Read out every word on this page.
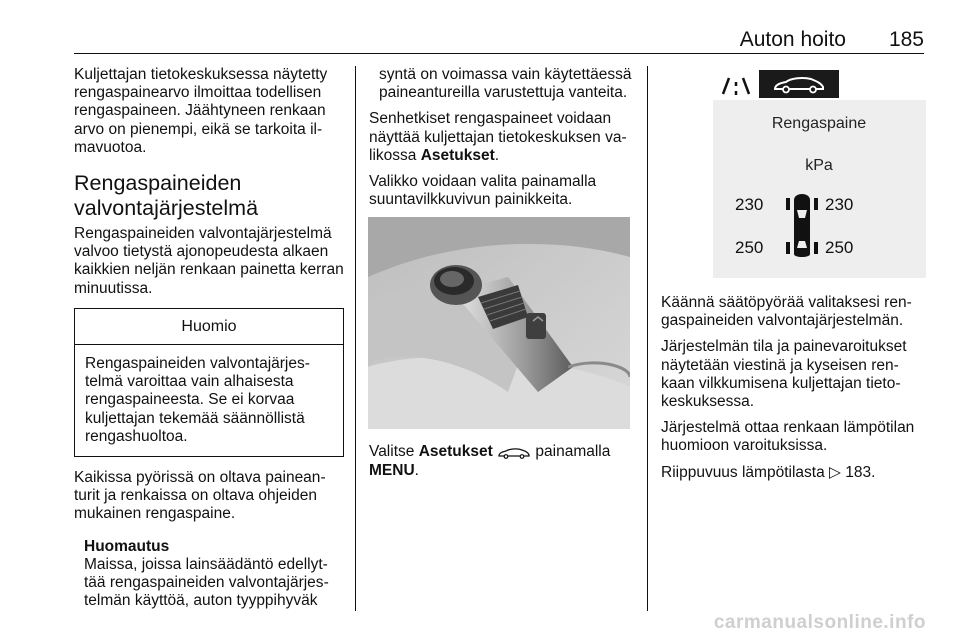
Auton hoito 185

Kuljettajan tietokeskuksessa näytetty rengaspainearvo ilmoittaa todellisen rengaspaineen. Jäähtyneen renkaan arvo on pienempi, eikä se tarkoita ilmavuotoa.

Rengaspaineiden
valvontajärjestelmä

Rengaspaineiden valvontajärjestelmä valvoo tietystä ajonopeudesta alkaen kaikkien neljän renkaan painetta kerran minuutissa.

Huomio
Rengaspaineiden valvontajärjestelmä varoittaa vain alhaisesta rengaspaineesta. Se ei korvaa kuljettajan tekemää säännöllistä rengashuoltoa.

Kaikissa pyörissä on oltava paineanturit ja renkaissa on oltava ohjeiden mukainen rengaspaine.

Huomautus
Maissa, joissa lainsäädäntö edellyttää rengaspaineiden valvontajärjestelmän käyttöä, auton tyyppihyväk

syntä on voimassa vain käytettäessä paineantureilla varustettuja vanteita.

Senhetkiset rengaspaineet voidaan näyttää kuljettajan tietokeskuksen valikossa Asetukset.

Valikko voidaan valita painamalla suuntavilkkuvivun painikkeita.

Valitse Asetukset  painamalla
MENU.

Rengaspaine
kPa
230	230
250	250

Käännä säätöpyörää valitaksesi rengaspaineiden valvontajärjestelmän.

Järjestelmän tila ja painevaroitukset näytetään viestinä ja kyseisen renkaan vilkkumisena kuljettajan tietokeskuksessa.

Järjestelmä ottaa renkaan lämpötilan huomioon varoituksissa.

Riippuvuus lämpötilasta ▷ 183.

carmanualsonline.info
